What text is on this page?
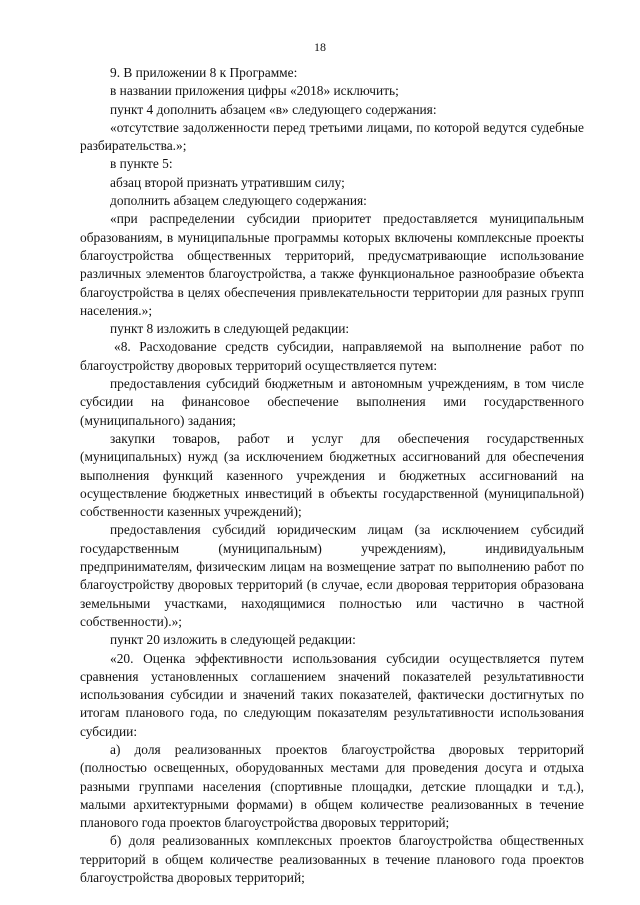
18

9. В приложении 8 к Программе:

в названии приложения цифры «2018» исключить;

пункт 4 дополнить абзацем «в» следующего содержания:

«отсутствие задолженности перед третьими лицами, по которой ведутся судебные разбирательства.»;

в пункте 5:

абзац второй признать утратившим силу;

дополнить абзацем следующего содержания:

«при распределении субсидии приоритет предоставляется муниципальным образованиям, в муниципальные программы которых включены комплексные проекты благоустройства общественных территорий, предусматривающие использование различных элементов благоустройства, а также функциональное разнообразие объекта благоустройства в целях обеспечения привлекательности территории для разных групп населения.»;

пункт 8 изложить в следующей редакции:

«8. Расходование средств субсидии, направляемой на выполнение работ по благоустройству дворовых территорий осуществляется путем:

предоставления субсидий бюджетным и автономным учреждениям, в том числе субсидии на финансовое обеспечение выполнения ими государственного (муниципального) задания;

закупки товаров, работ и услуг для обеспечения государственных (муниципальных) нужд (за исключением бюджетных ассигнований для обеспечения выполнения функций казенного учреждения и бюджетных ассигнований на осуществление бюджетных инвестиций в объекты государственной (муниципальной) собственности казенных учреждений);

предоставления субсидий юридическим лицам (за исключением субсидий государственным (муниципальным) учреждениям), индивидуальным предпринимателям, физическим лицам на возмещение затрат по выполнению работ по благоустройству дворовых территорий (в случае, если дворовая территория образована земельными участками, находящимися полностью или частично в частной собственности).»;

пункт 20 изложить в следующей редакции:

«20. Оценка эффективности использования субсидии осуществляется путем сравнения установленных соглашением значений показателей результативности использования субсидии и значений таких показателей, фактически достигнутых по итогам планового года, по следующим показателям результативности использования субсидии:

а) доля реализованных проектов благоустройства дворовых территорий (полностью освещенных, оборудованных местами для проведения досуга и отдыха разными группами населения (спортивные площадки, детские площадки и т.д.), малыми архитектурными формами) в общем количестве реализованных в течение планового года проектов благоустройства дворовых территорий;

б) доля реализованных комплексных проектов благоустройства общественных территорий в общем количестве реализованных в течение планового года проектов благоустройства дворовых территорий;
